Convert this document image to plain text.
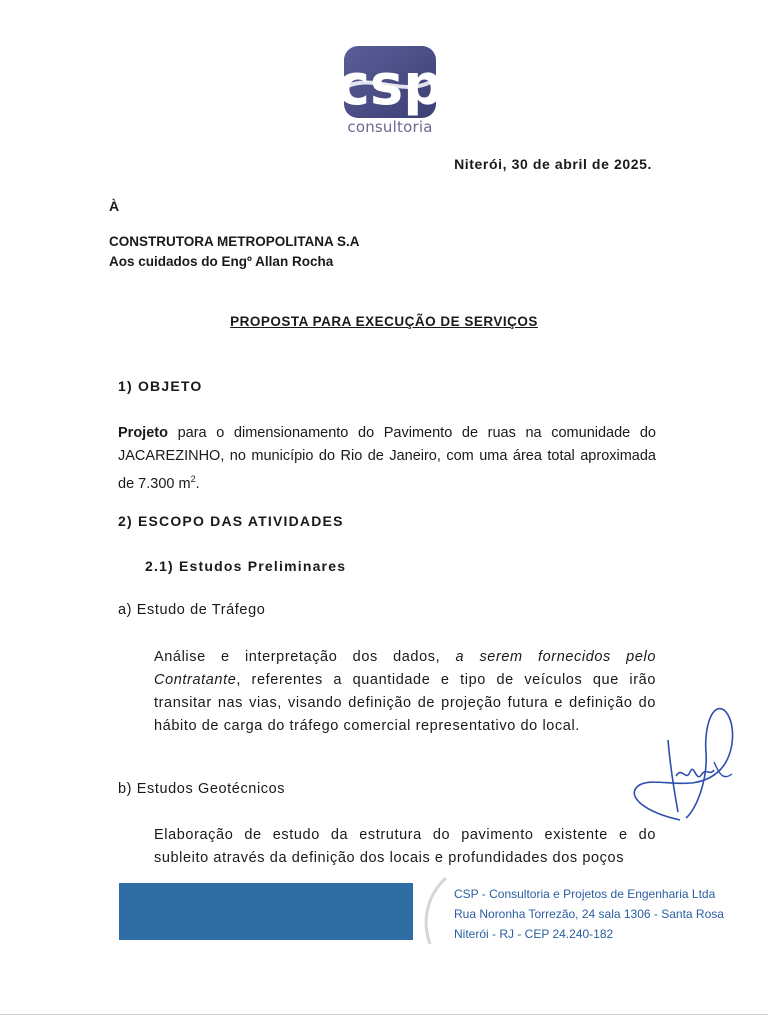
csp
consultoria
Niterói, 30 de abril de 2025.
À
CONSTRUTORA METROPOLITANA S.A
Aos cuidados do Engº Allan Rocha
PROPOSTA PARA EXECUÇÃO DE SERVIÇOS
1) OBJETO
Projeto para o dimensionamento do Pavimento de ruas na comunidade do JACAREZINHO, no município do Rio de Janeiro, com uma área total aproximada de 7.300 $m^2$.
2) ESCOPO DAS ATIVIDADES
2.1) Estudos Preliminares
a) Estudo de Tráfego
Análise e interpretação dos dados, a serem fornecidos pelo Contratante, referentes a quantidade e tipo de veículos que irão transitar nas vias, visando definição de projeção futura e definição do hábito de carga do tráfego comercial representativo do local.
b) Estudos Geotécnicos
Elaboração de estudo da estrutura do pavimento existente e do subleito através da definição dos locais e profundidades dos poços
CSP - Consultoria e Projetos de Engenharia Ltda
Rua Noronha Torrezão, 24 sala 1306 - Santa Rosa
Niterói - RJ - CEP 24.240-182
